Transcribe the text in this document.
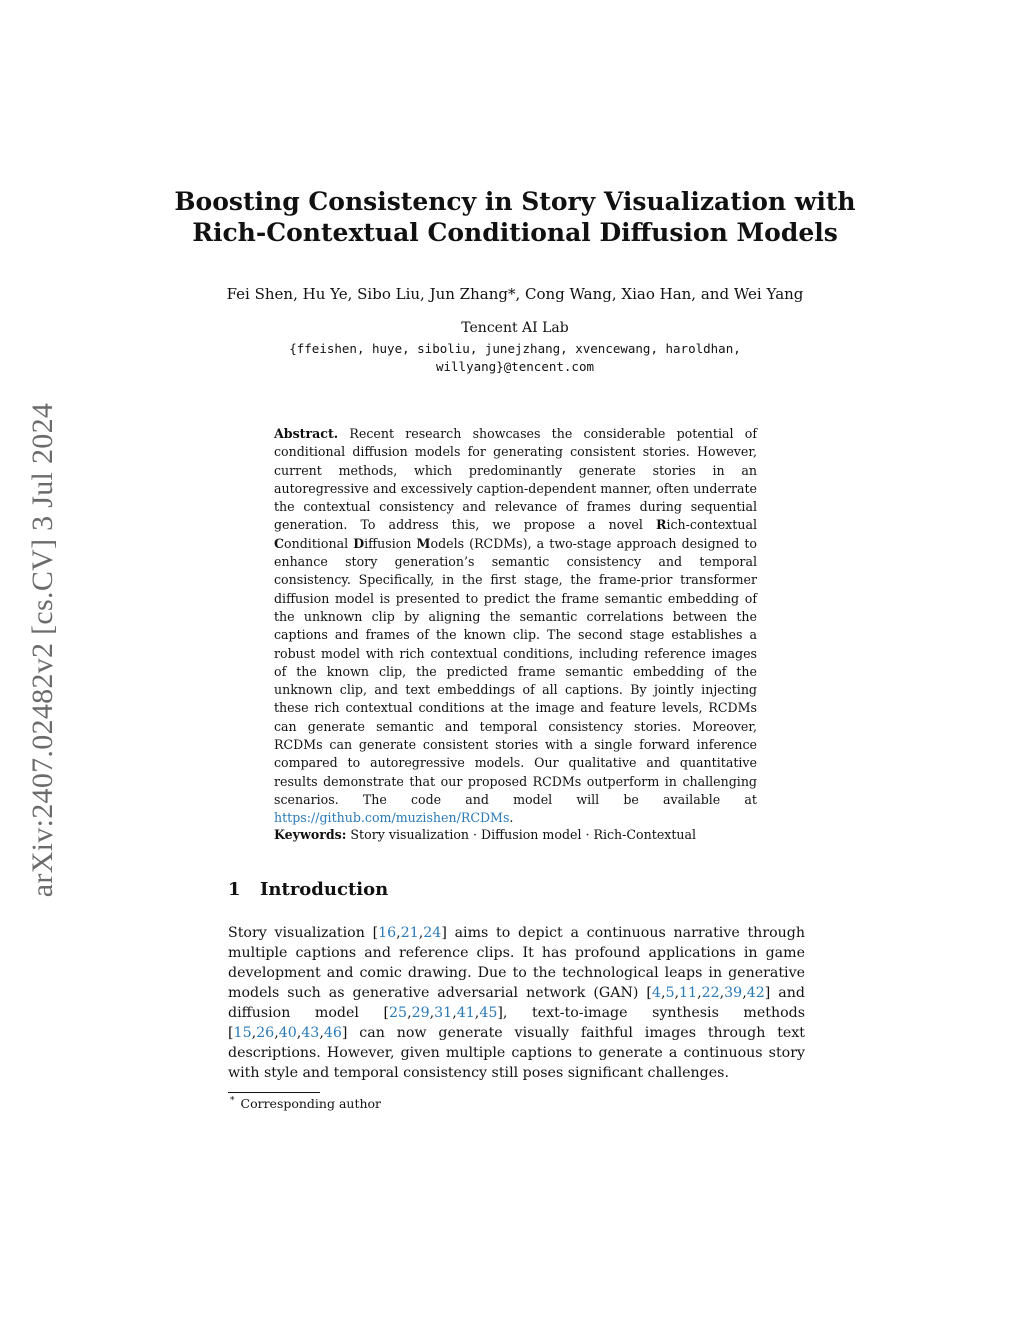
arXiv:2407.02482v2 [cs.CV] 3 Jul 2024
Boosting Consistency in Story Visualization with
Rich-Contextual Conditional Diffusion Models
Fei Shen, Hu Ye, Sibo Liu, Jun Zhang*, Cong Wang, Xiao Han, and Wei Yang
Tencent AI Lab
{ffeishen, huye, siboliu, junejzhang, xvencewang, haroldhan,
willyang}@tencent.com
Abstract. Recent research showcases the considerable potential of conditional diffusion models for generating consistent stories. However, current methods, which predominantly generate stories in an autoregressive and excessively caption-dependent manner, often underrate the contextual consistency and relevance of frames during sequential generation. To address this, we propose a novel Rich-contextual Conditional Diffusion Models (RCDMs), a two-stage approach designed to enhance story generation’s semantic consistency and temporal consistency. Specifically, in the first stage, the frame-prior transformer diffusion model is presented to predict the frame semantic embedding of the unknown clip by aligning the semantic correlations between the captions and frames of the known clip. The second stage establishes a robust model with rich contextual conditions, including reference images of the known clip, the predicted frame semantic embedding of the unknown clip, and text embeddings of all captions. By jointly injecting these rich contextual conditions at the image and feature levels, RCDMs can generate semantic and temporal consistency stories. Moreover, RCDMs can generate consistent stories with a single forward inference compared to autoregressive models. Our qualitative and quantitative results demonstrate that our proposed RCDMs outperform in challenging scenarios. The code and model will be available at https://github.com/muzishen/RCDMs.
Keywords: Story visualization · Diffusion model · Rich-Contextual
1 Introduction
Story visualization [16,21,24] aims to depict a continuous narrative through multiple captions and reference clips. It has profound applications in game development and comic drawing. Due to the technological leaps in generative models such as generative adversarial network (GAN) [4,5,11,22,39,42] and diffusion model [25,29,31,41,45], text-to-image synthesis methods [15,26,40,43,46] can now generate visually faithful images through text descriptions. However, given multiple captions to generate a continuous story with style and temporal consistency still poses significant challenges.
* Corresponding author
